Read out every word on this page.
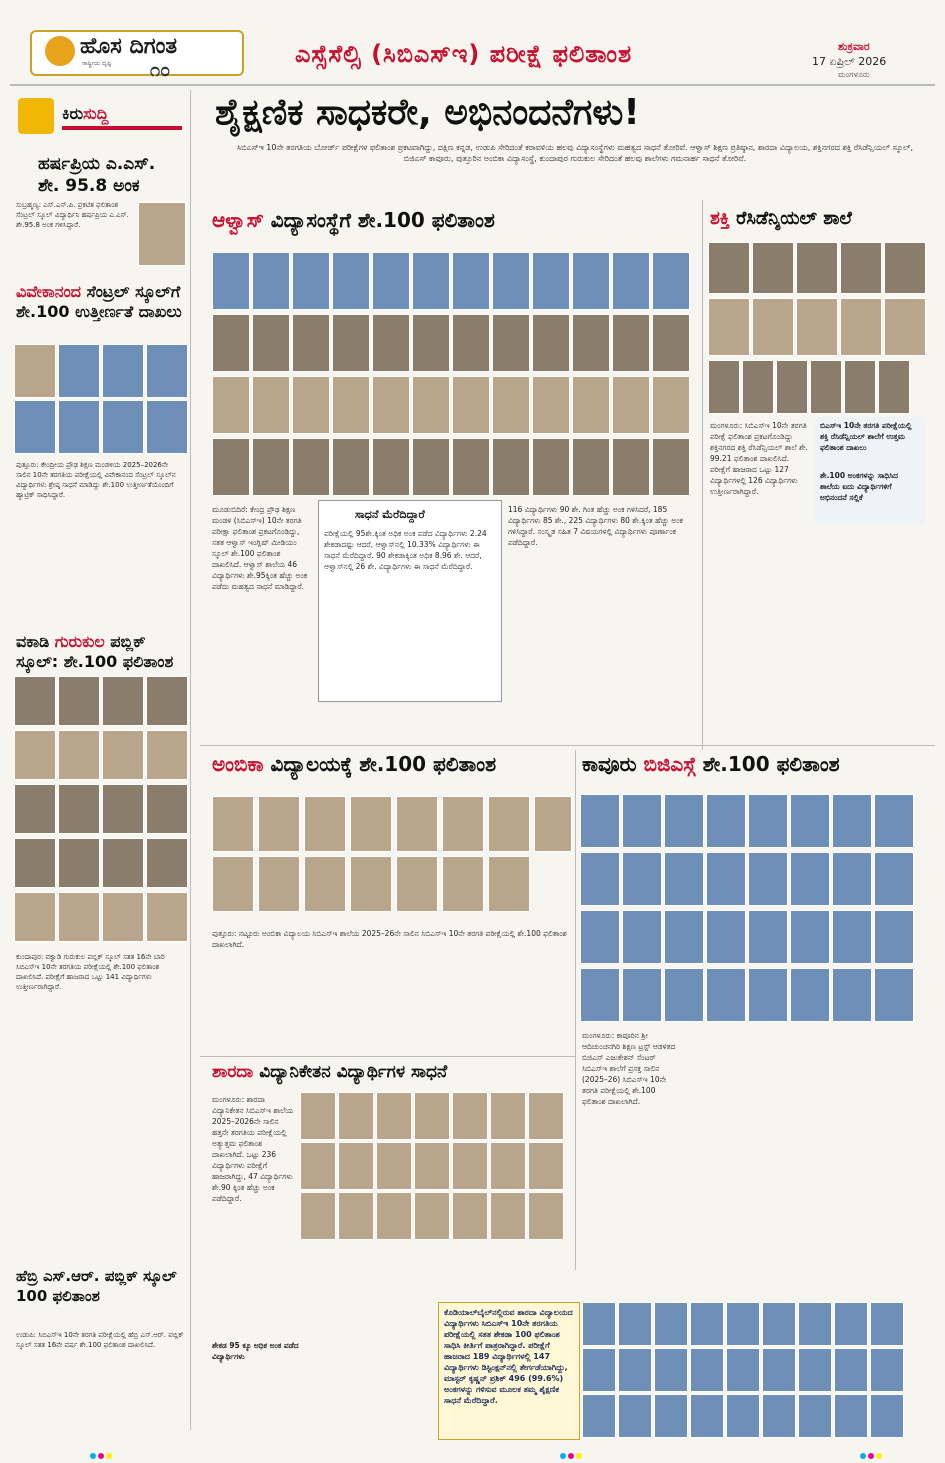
ಹೊಸ ದಿಗಂತ
ರಾಷ್ಟ್ರೀಯ ದೃಷ್ಟಿ ೧೦
ಎಸ್ಸೆಸೆಲ್ಸಿ (ಸಿಬಿಎಸ್ಇ) ಪರೀಕ್ಷೆ ಫಲಿತಾಂಶ	ಶುಕ್ರವಾರ
17 ಏಪ್ರಿಲ್ 2026
ಮಂಗಳೂರು
ಕಿರುಸುದ್ದಿ
ಹರ್ಷಪ್ರಿಯ ಎ.ಎಸ್.
ಶೇ. 95.8 ಅಂಕ
ಸುಬ್ರಹ್ಮಣ್ಯ: ಎಸ್.ಎಸ್.ಪಿ. ಪ್ರಕಟಿತ ಫಲಿತಾಂಶ ಸೆಂಟ್ರಲ್ ಸ್ಕೂಲ್ ವಿದ್ಯಾರ್ಥಿನಿ ಹರ್ಷಪ್ರಿಯ ಎ.ಎಸ್. ಶೇ.95.8 ಅಂಕ ಗಳಿಸಿದ್ದಾರೆ.
ವಿವೇಕಾನಂದ ಸೆಂಟ್ರಲ್ ಸ್ಕೂಲ್‌ಗೆ ಶೇ.100 ಉತ್ತೀರ್ಣತೆ ದಾಖಲು
ಪುತ್ತೂರು: ಕೇಂದ್ರೀಯ ಪ್ರೌಢ ಶಿಕ್ಷಣ ಮಂಡಳಿಯ 2025–2026ನೇ ಸಾಲಿನ 10ನೇ ತರಗತಿಯ ಪರೀಕ್ಷೆಯಲ್ಲಿ ವಿವೇಕಾನಂದ ಸೆಂಟ್ರಲ್ ಸ್ಕೂಲ್‌ನ ವಿದ್ಯಾರ್ಥಿಗಳು ಶ್ರೇಷ್ಠ ಸಾಧನೆ ಮಾಡಿದ್ದು ಶೇ.100 ಉತ್ತೀರ್ಣತೆಯೊಂದಿಗೆ ಹ್ಯಾಟ್ರಿಕ್ ಸಾಧಿಸಿದ್ದಾರೆ.
ವಕಾಡಿ ಗುರುಕುಲ ಪಬ್ಲಿಕ್ ಸ್ಕೂಲ್: ಶೇ.100 ಫಲಿತಾಂಶ
ಕುಂದಾಪುರ: ವಕ್ವಾಡಿ ಗುರುಕುಲ ಪಬ್ಲಿಕ್ ಸ್ಕೂಲ್ ಸತತ 16ನೇ ಬಾರಿ ಸಿಬಿಎಸ್‌ಇ 10ನೇ ತರಗತಿಯ ಪರೀಕ್ಷೆಯಲ್ಲಿ ಶೇ.100 ಫಲಿತಾಂಶ ದಾಖಲಿಸಿದೆ. ಪರೀಕ್ಷೆಗೆ ಹಾಜರಾದ ಒಟ್ಟು 141 ವಿದ್ಯಾರ್ಥಿಗಳು ಉತ್ತೀರ್ಣರಾಗಿದ್ದಾರೆ.
ಹೆಬ್ರಿ ಎಸ್.ಆರ್. ಪಬ್ಲಿಕ್ ಸ್ಕೂಲ್ 100 ಫಲಿತಾಂಶ
ಉಡುಪಿ: ಸಿಬಿಎಸ್ಇ 10ನೇ ತರಗತಿ ಪರೀಕ್ಷೆಯಲ್ಲಿ ಹೆಬ್ರಿ ಎಸ್.ಆರ್. ಪಬ್ಲಿಕ್ ಸ್ಕೂಲ್ ಸತತ 16ನೇ ವರ್ಷ ಶೇ.100 ಫಲಿತಾಂಶ ದಾಖಲಿಸಿದೆ.
ಶೈಕ್ಷಣಿಕ ಸಾಧಕರೇ, ಅಭಿನಂದನೆಗಳು!
ಸಿಬಿಎಸ್‌ಇ 10ನೇ ತರಗತಿಯ ಬೋರ್ಡ್ ಪರೀಕ್ಷೆಗಳ ಫಲಿತಾಂಶ ಪ್ರಕಟವಾಗಿದ್ದು, ದಕ್ಷಿಣ ಕನ್ನಡ, ಉಡುಪಿ ಸೇರಿದಂತೆ ಕರಾವಳಿಯ ಹಲವು ವಿದ್ಯಾಸಂಸ್ಥೆಗಳು ಮಹತ್ವದ ಸಾಧನೆ ತೋರಿವೆ. ಆಳ್ವಾಸ್ ಶಿಕ್ಷಣ ಪ್ರತಿಷ್ಠಾನ, ಶಾರದಾ ವಿದ್ಯಾಲಯ, ಶಕ್ತಿನಗರದ ಶಕ್ತಿ ರೆಸಿಡೆನ್ಷಿಯಲ್ ಸ್ಕೂಲ್, ಬಿಜಿಎಸ್ ಕಾವೂರು, ಪುತ್ತೂರಿನ ಅಂಬಿಕಾ ವಿದ್ಯಾಸಂಸ್ಥೆ, ಕುಂದಾಪುರ ಗುರುಕುಲ ಸೇರಿದಂತೆ ಹಲವು ಶಾಲೆಗಳು ಗಮನಾರ್ಹ ಸಾಧನೆ ತೋರಿವೆ.
ಆಳ್ವಾಸ್ ವಿದ್ಯಾಸಂಸ್ಥೆಗೆ ಶೇ.100 ಫಲಿತಾಂಶ
ಮೂಡುಬಿದಿರೆ: ಕೇಂದ್ರ ಪ್ರೌಢ ಶಿಕ್ಷಣ ಮಂಡಳಿ (ಸಿಬಿಎಸ್‌ಇ) 10ನೇ ತರಗತಿ ಪರೀಕ್ಷಾ ಫಲಿತಾಂಶ ಪ್ರಕಟಗೊಂಡಿದ್ದು, ಸತತ ಆಳ್ವಾಸ್ ಇಂಗ್ಲಿಷ್ ಮೀಡಿಯಂ ಸ್ಕೂಲ್ ಶೇ.100 ಫಲಿತಾಂಶ ದಾಖಲಿಸಿದೆ. ಆಳ್ವಾಸ್ ಶಾಲೆಯ 46 ವಿದ್ಯಾರ್ಥಿಗಳು ಶೇ.95ಕ್ಕಿಂತ ಹೆಚ್ಚು ಅಂಕ ಪಡೆದು ಮಹತ್ವದ ಸಾಧನೆ ಮಾಡಿದ್ದಾರೆ.
ಸಾಧನೆ ಮೆರೆದಿದ್ದಾರೆ
ಪರೀಕ್ಷೆಯಲ್ಲಿ 95ಶೇ.ಕ್ಕಿಂತ ಅಧಿಕ ಅಂಕ ಪಡೆದ ವಿದ್ಯಾರ್ಥಿಗಳು 2.24 ಶೇಕಡಾದಷ್ಟು ಆದರೆ, ಆಳ್ವಾಸ್‌ನಲ್ಲಿ 10.33% ವಿದ್ಯಾರ್ಥಿಗಳು ಈ ಸಾಧನೆ ಮೆರೆದಿದ್ದಾರೆ. 90 ಶೇಕಡಾಕ್ಕಿಂತ ಅಧಿಕ 8.96 ಶೇ. ಆದರೆ, ಆಳ್ವಾಸ್‌ನಲ್ಲಿ 26 ಶೇ. ವಿದ್ಯಾರ್ಥಿಗಳು ಈ ಸಾಧನೆ ಮೆರೆದಿದ್ದಾರೆ.
116 ವಿದ್ಯಾರ್ಥಿಗಳು 90 ಶೇ. ಗಿಂತ ಹೆಚ್ಚು ಅಂಕ ಗಳಿಸಿದರೆ, 185 ವಿದ್ಯಾರ್ಥಿಗಳು 85 ಶೇ., 225 ವಿದ್ಯಾರ್ಥಿಗಳು 80 ಶೇ.ಕ್ಕಿಂತ ಹೆಚ್ಚು ಅಂಕ ಗಳಿಸಿದ್ದಾರೆ. ಸಂಸ್ಕೃತ ಸಹಿತ 7 ವಿಷಯಗಳಲ್ಲಿ ವಿದ್ಯಾರ್ಥಿಗಳು ಪೂರ್ಣಾಂಕ ಪಡೆದಿದ್ದಾರೆ.
ಶಕ್ತಿ ರೆಸಿಡೆನ್ಶಿಯಲ್ ಶಾಲೆ
ಮಂಗಳೂರು: ಸಿಬಿಎಸ್‌ಇ 10ನೇ ತರಗತಿ ಪರೀಕ್ಷೆ ಫಲಿತಾಂಶ ಪ್ರಕಟಗೊಂಡಿದ್ದು ಶಕ್ತಿನಗರದ ಶಕ್ತಿ ರೆಸಿಡೆನ್ಷಿಯಲ್ ಶಾಲೆ ಶೇ. 99.21 ಫಲಿತಾಂಶ ದಾಖಲಿಸಿದೆ. ಪರೀಕ್ಷೆಗೆ ಹಾಜರಾದ ಒಟ್ಟು 127 ವಿದ್ಯಾರ್ಥಿಗಳಲ್ಲಿ 126 ವಿದ್ಯಾರ್ಥಿಗಳು ಉತ್ತೀರ್ಣರಾಗಿದ್ದಾರೆ.
ಬಿಎಸ್‌ಇ 10ನೇ ತರಗತಿ ಪರೀಕ್ಷೆಯಲ್ಲಿ ಶಕ್ತಿ ರೆಸಿಡೆನ್ಷಿಯಲ್ ಶಾಲೆಗೆ ಉತ್ತಮ ಫಲಿತಾಂಶ ದಾಖಲು
ಶೇ.100 ಅಂಕಗಳನ್ನು ಸಾಧಿಸಿದ ಶಾಲೆಯ ಐದು ವಿದ್ಯಾರ್ಥಿಗಳಿಗೆ ಅಭಿನಂದನೆ ಸಲ್ಲಿಕೆ
ಅಂಬಿಕಾ ವಿದ್ಯಾಲಯಕ್ಕೆ ಶೇ.100 ಫಲಿತಾಂಶ
ಪುತ್ತೂರು: ನಟ್ಟೂರು ಅಂಬಿಕಾ ವಿದ್ಯಾಲಯ ಸಿಬಿಎಸ್‌ಇ ಶಾಲೆಯ 2025–26ನೇ ಸಾಲಿನ ಸಿಬಿಎಸ್‌ಇ 10ನೇ ತರಗತಿ ಪರೀಕ್ಷೆಯಲ್ಲಿ ಶೇ.100 ಫಲಿತಾಂಶ ದಾಖಲಾಗಿದೆ.
ಕಾವೂರು ಬಿಜಿಎಸ್ಗೆ ಶೇ.100 ಫಲಿತಾಂಶ
ಮಂಗಳೂರು: ಕಾವೂರಿನ ಶ್ರೀ ಆದಿಚುಂಚನಗಿರಿ ಶಿಕ್ಷಣ ಟ್ರಸ್ಟ್ ಆಡಳಿತದ ಬಿಜಿಎಸ್ ಎಜುಕೇಶನ್ ಸೆಂಟರ್ ಸಿಬಿಎಸ್‌ಇ ಶಾಲೆಗೆ ಪ್ರಸಕ್ತ ಸಾಲಿನ (2025–26) ಸಿಬಿಎಸ್‌ಇ 10ನೇ ತರಗತಿ ಪರೀಕ್ಷೆಯಲ್ಲಿ ಶೇ.100 ಫಲಿತಾಂಶ ದಾಖಲಾಗಿದೆ.
ಶಾರದಾ ವಿದ್ಯಾನಿಕೇತನ ವಿದ್ಯಾರ್ಥಿಗಳ ಸಾಧನೆ
ಮಂಗಳೂರು: ಶಾರದಾ ವಿದ್ಯಾನಿಕೇತನ ಸಿಬಿಎಸ್‌ಇ ಶಾಲೆಯ 2025–2026ನೇ ಸಾಲಿನ ಹತ್ತನೇ ತರಗತಿಯ ಪರೀಕ್ಷೆಯಲ್ಲಿ ಅತ್ಯುತ್ತಮ ಫಲಿತಾಂಶ ದಾಖಲಾಗಿದೆ. ಒಟ್ಟು 236 ವಿದ್ಯಾರ್ಥಿಗಳು ಪರೀಕ್ಷೆಗೆ ಹಾಜರಾಗಿದ್ದು, 47 ವಿದ್ಯಾರ್ಥಿಗಳು ಶೇ.90 ಕ್ಕಿಂತ ಹೆಚ್ಚು ಅಂಕ ಪಡೆದಿದ್ದಾರೆ.
ಶೇಕಡ 95 ಕ್ಕೂ ಅಧಿಕ ಅಂಕ ಪಡೆದ ವಿದ್ಯಾರ್ಥಿಗಳು
ಕೊಡಿಯಾಲ್‌ಬೈಲ್‌ನಲ್ಲಿರುವ ಶಾರದಾ ವಿದ್ಯಾಲಯದ ವಿದ್ಯಾರ್ಥಿಗಳು ಸಿಬಿಎಸ್‌ಇ 10ನೇ ತರಗತಿಯ ಪರೀಕ್ಷೆಯಲ್ಲಿ ಸತತ ಶೇಕಡಾ 100 ಫಲಿತಾಂಶ ಸಾಧಿಸಿ ಕೀರ್ತಿಗೆ ಪಾತ್ರರಾಗಿದ್ದಾರೆ. ಪರೀಕ್ಷೆಗೆ ಹಾಜರಾದ 189 ವಿದ್ಯಾರ್ಥಿಗಳಲ್ಲಿ 147 ವಿದ್ಯಾರ್ಥಿಗಳು ಡಿಸ್ಟಿಂಕ್ಷನ್‌ನಲ್ಲಿ ತೇರ್ಗಡೆಯಾಗಿದ್ದು, ಮಾಸ್ಟರ್ ಕೃಷ್ಣನ್ ಪ್ರಶಿಕ್ 496 (99.6%) ಅಂಕಗಳನ್ನು ಗಳಿಸುವ ಮೂಲಕ ತಮ್ಮ ಶೈಕ್ಷಣಿಕ ಸಾಧನೆ ಮೆರೆದಿದ್ದಾರೆ.
